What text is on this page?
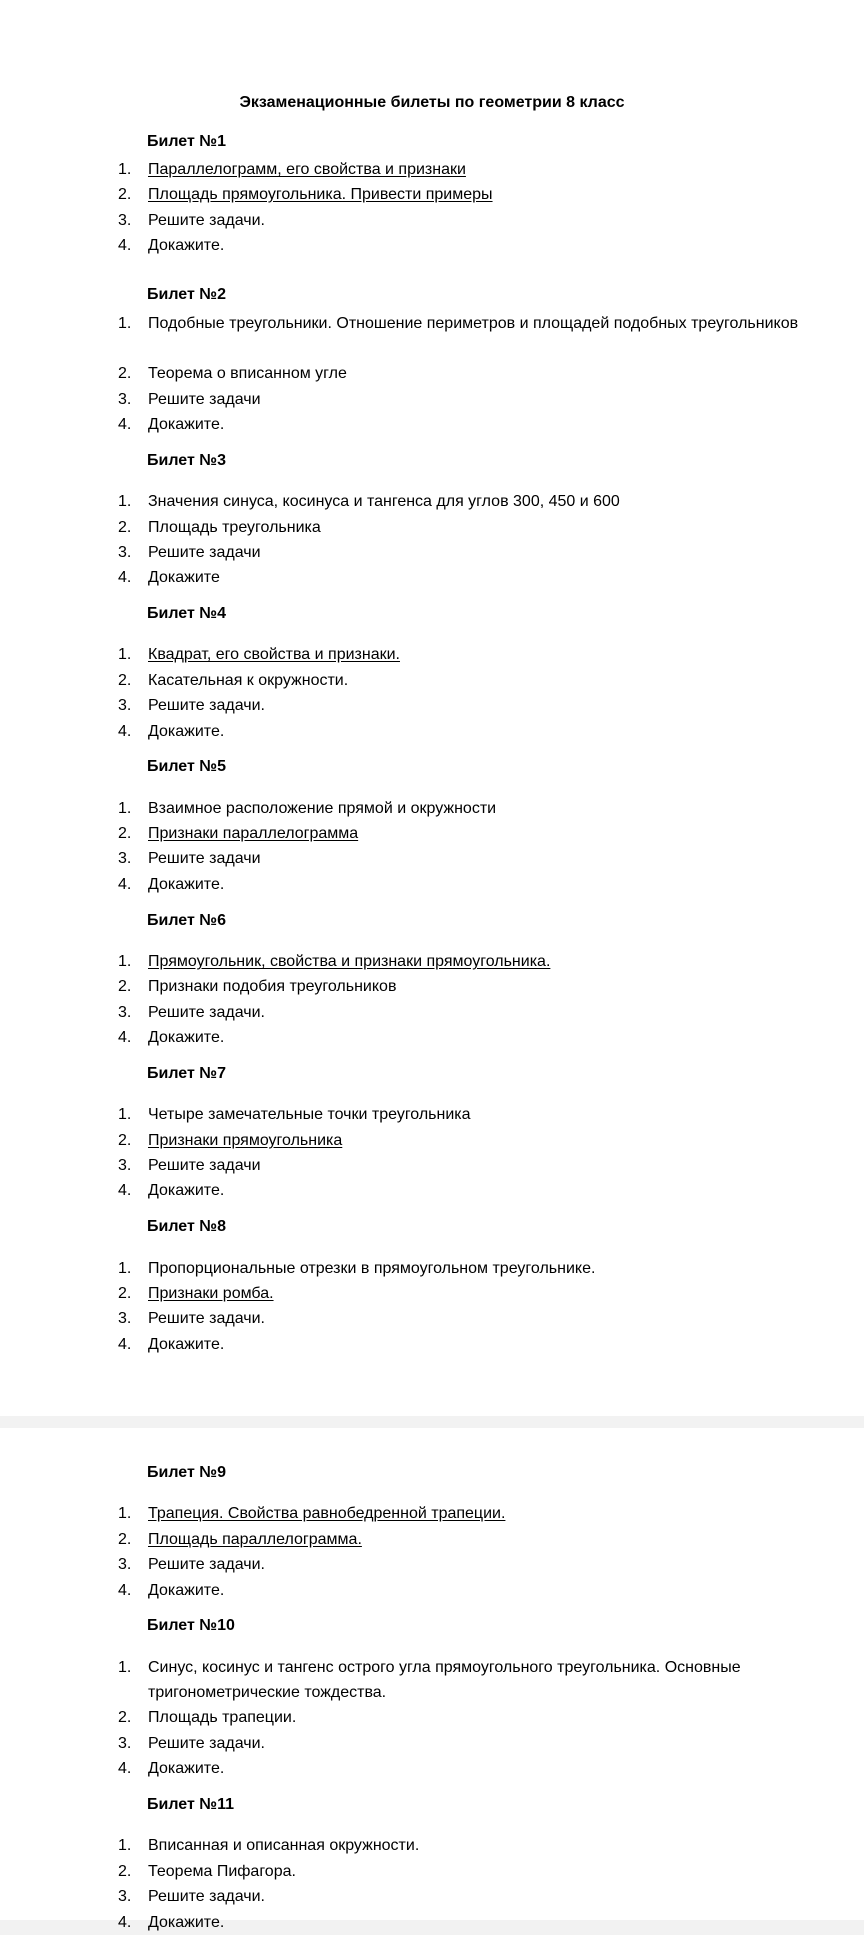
Экзаменационные билеты по геометрии 8 класс
Билет №1
1. Параллелограмм, его свойства и признаки
2. Площадь прямоугольника. Привести примеры
3. Решите задачи.
4. Докажите.
Билет №2
1. Подобные треугольники. Отношение периметров и площадей подобных треугольников
2. Теорема о вписанном угле
3. Решите задачи
4. Докажите.
Билет №3
1. Значения синуса, косинуса и тангенса для углов 300, 450 и 600
2. Площадь треугольника
3. Решите задачи
4. Докажите
Билет №4
1. Квадрат, его свойства и признаки.
2. Касательная к окружности.
3. Решите задачи.
4. Докажите.
Билет №5
1. Взаимное расположение прямой и окружности
2. Признаки параллелограмма
3. Решите задачи
4. Докажите.
Билет №6
1. Прямоугольник, свойства и признаки прямоугольника.
2. Признаки подобия треугольников
3. Решите задачи.
4. Докажите.
Билет №7
1. Четыре замечательные точки треугольника
2. Признаки прямоугольника
3. Решите задачи
4. Докажите.
Билет №8
1. Пропорциональные отрезки в прямоугольном треугольнике.
2. Признаки ромба.
3. Решите задачи.
4. Докажите.
Билет №9
1. Трапеция. Свойства равнобедренной трапеции.
2. Площадь параллелограмма.
3. Решите задачи.
4. Докажите.
Билет №10
1. Синус, косинус и тангенс острого угла прямоугольного треугольника. Основные тригонометрические тождества.
2. Площадь трапеции.
3. Решите задачи.
4. Докажите.
Билет №11
1. Вписанная и описанная окружности.
2. Теорема Пифагора.
3. Решите задачи.
4. Докажите.
